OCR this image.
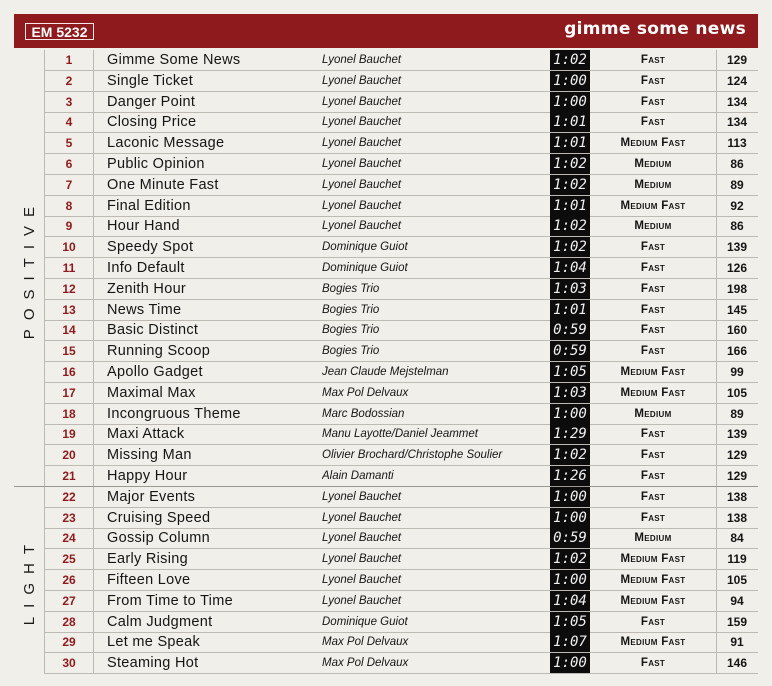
EM 5232	gimme some news
POSITIVE
1	Gimme Some News	Lyonel Bauchet	1:02	Fast	129
2	Single Ticket	Lyonel Bauchet	1:00	Fast	124
3	Danger Point	Lyonel Bauchet	1:00	Fast	134
4	Closing Price	Lyonel Bauchet	1:01	Fast	134
5	Laconic Message	Lyonel Bauchet	1:01	Medium Fast	113
6	Public Opinion	Lyonel Bauchet	1:02	Medium	86
7	One Minute Fast	Lyonel Bauchet	1:02	Medium	89
8	Final Edition	Lyonel Bauchet	1:01	Medium Fast	92
9	Hour Hand	Lyonel Bauchet	1:02	Medium	86
10	Speedy Spot	Dominique Guiot	1:02	Fast	139
11	Info Default	Dominique Guiot	1:04	Fast	126
12	Zenith Hour	Bogies Trio	1:03	Fast	198
13	News Time	Bogies Trio	1:01	Fast	145
14	Basic Distinct	Bogies Trio	0:59	Fast	160
15	Running Scoop	Bogies Trio	0:59	Fast	166
16	Apollo Gadget	Jean Claude Mejstelman	1:05	Medium Fast	99
17	Maximal Max	Max Pol Delvaux	1:03	Medium Fast	105
18	Incongruous Theme	Marc Bodossian	1:00	Medium	89
19	Maxi Attack	Manu Layotte/Daniel Jeammet	1:29	Fast	139
20	Missing Man	Olivier Brochard/Christophe Soulier	1:02	Fast	129
21	Happy Hour	Alain Damanti	1:26	Fast	129
LIGHT
22	Major Events	Lyonel Bauchet	1:00	Fast	138
23	Cruising Speed	Lyonel Bauchet	1:00	Fast	138
24	Gossip Column	Lyonel Bauchet	0:59	Medium	84
25	Early Rising	Lyonel Bauchet	1:02	Medium Fast	119
26	Fifteen Love	Lyonel Bauchet	1:00	Medium Fast	105
27	From Time to Time	Lyonel Bauchet	1:04	Medium Fast	94
28	Calm Judgment	Dominique Guiot	1:05	Fast	159
29	Let me Speak	Max Pol Delvaux	1:07	Medium Fast	91
30	Steaming Hot	Max Pol Delvaux	1:00	Fast	146
